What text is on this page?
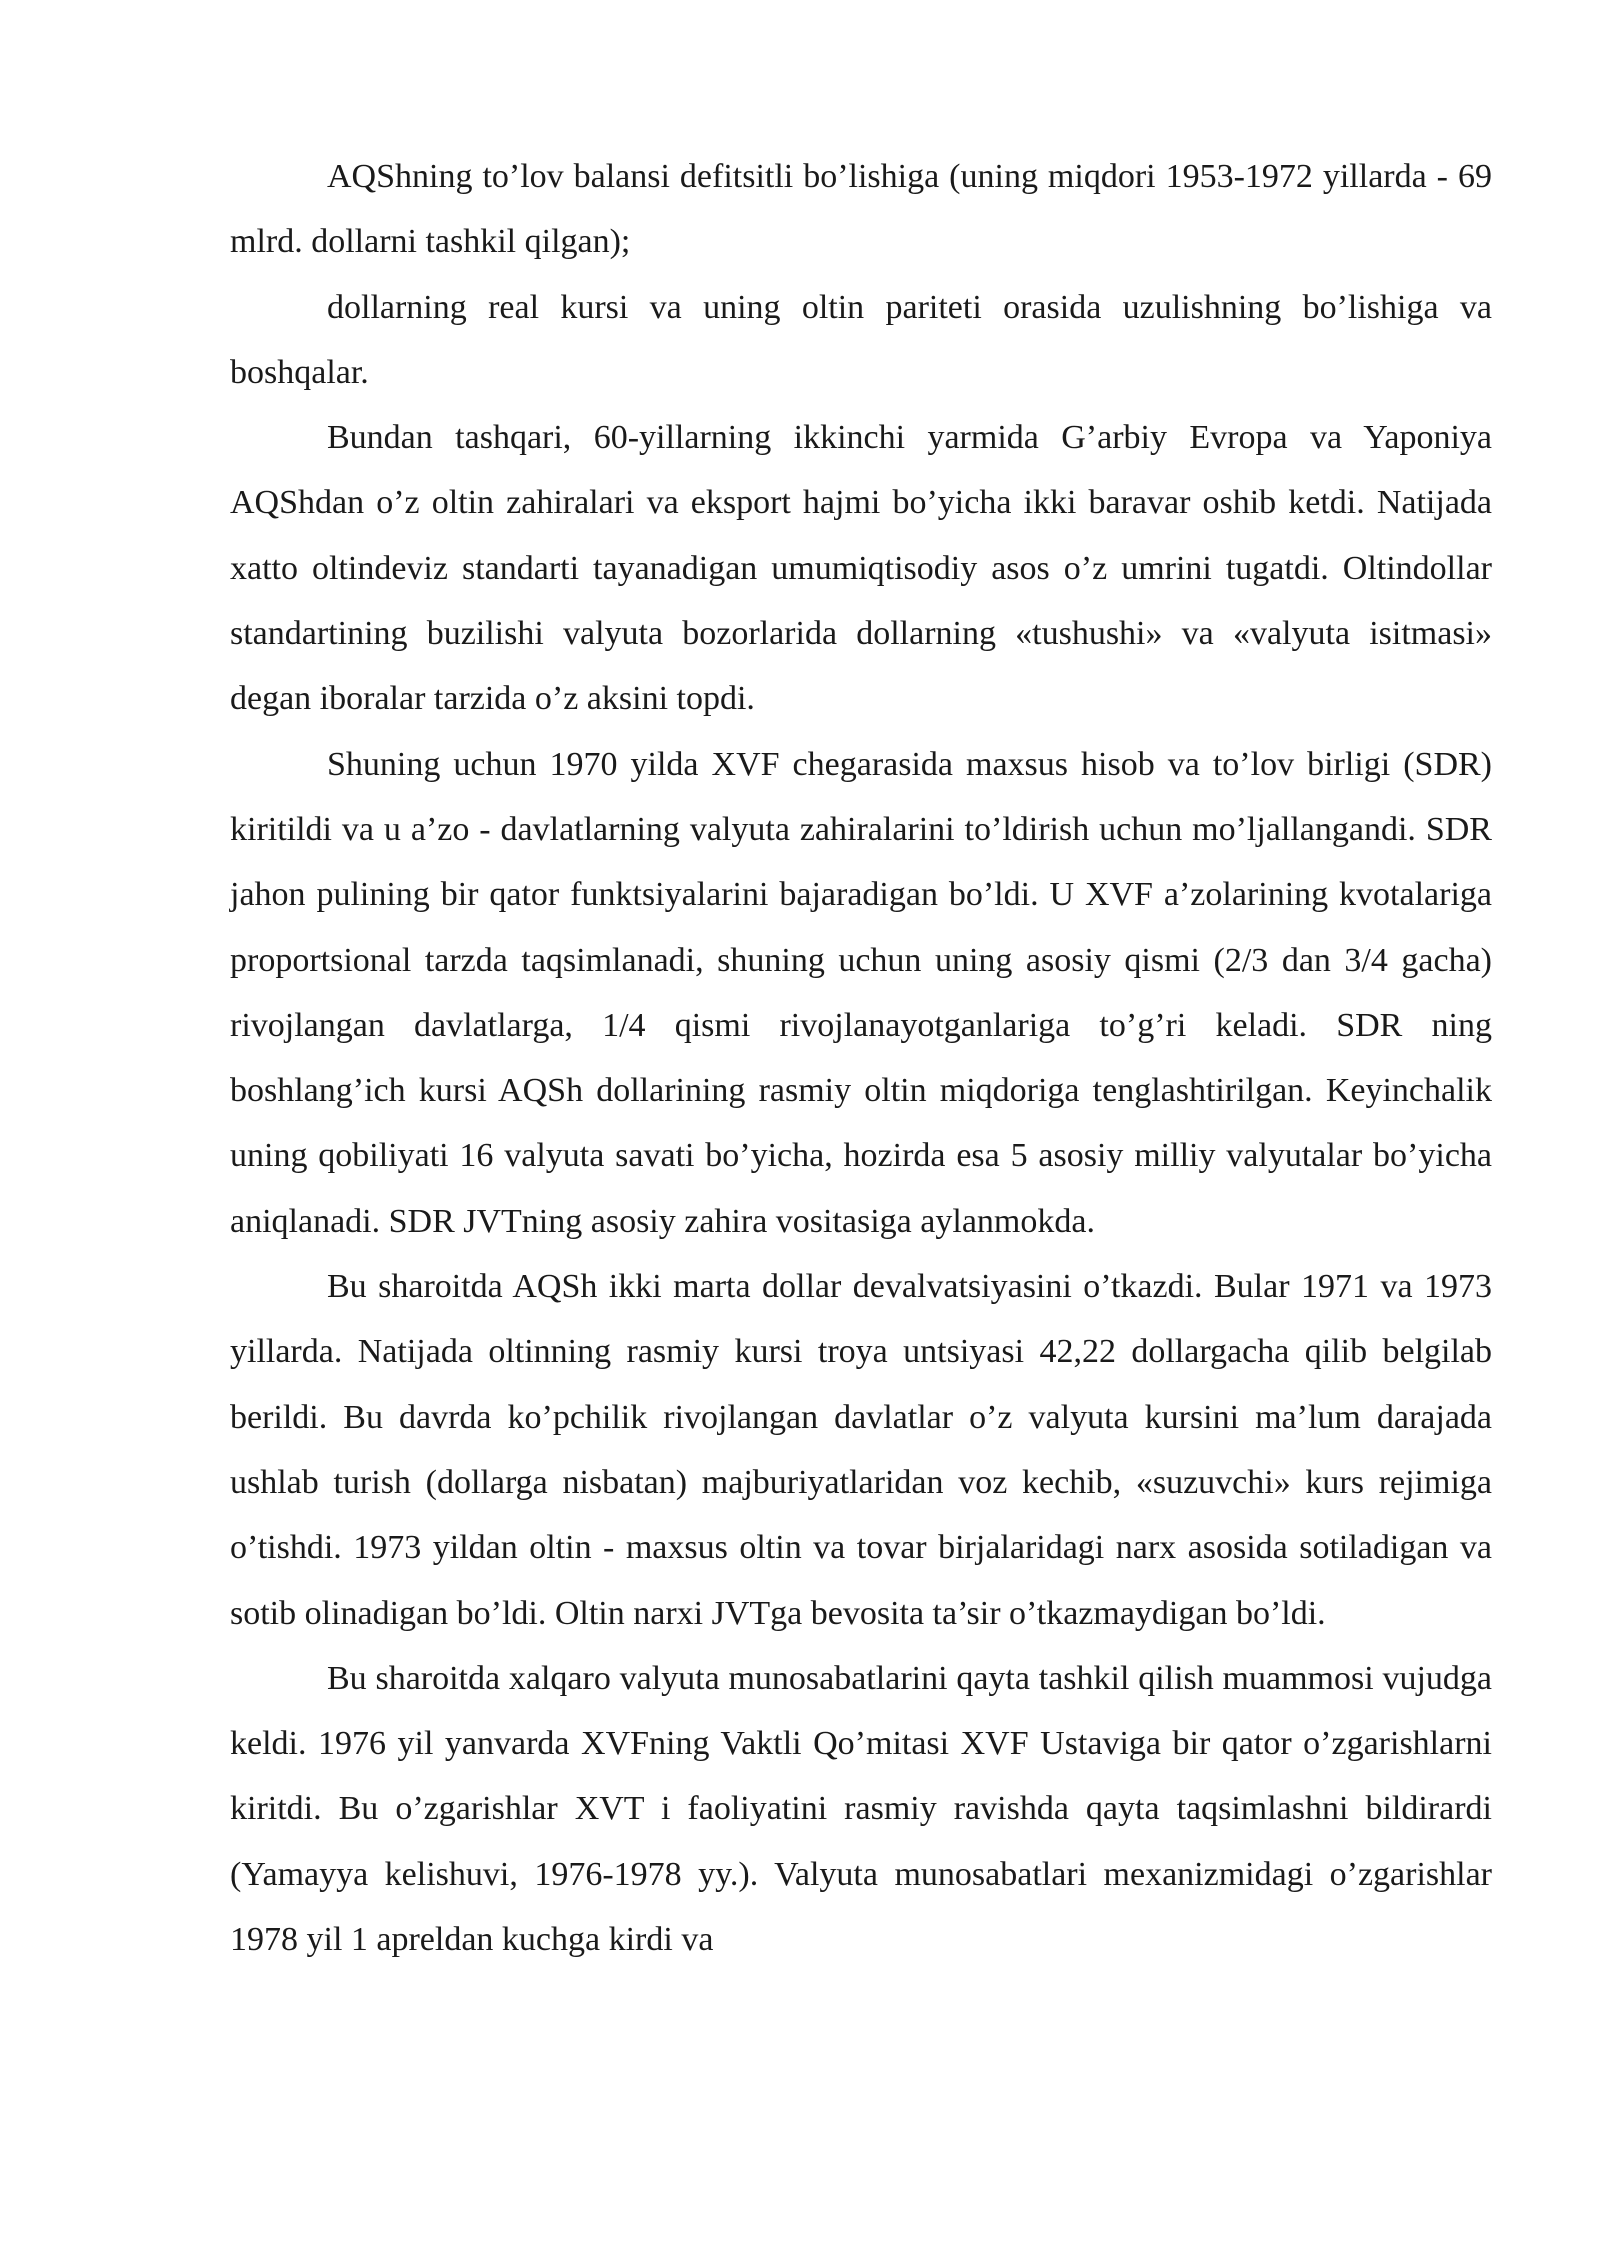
AQShning to’lov balansi defitsitli bo’lishiga (uning miqdori 1953-1972 yillarda - 69 mlrd. dollarni tashkil qilgan);

dollarning real kursi va uning oltin pariteti orasida uzulishning bo’lishiga va boshqalar.

Bundan tashqari, 60-yillarning ikkinchi yarmida G’arbiy Evropa va Yaponiya AQShdan o’z oltin zahiralari va eksport hajmi bo’yicha ikki baravar oshib ketdi. Natijada xatto oltindeviz standarti tayanadigan umumiqtisodiy asos o’z umrini tugatdi. Oltindollar standartining buzilishi valyuta bozorlarida dollarning «tushushi» va «valyuta isitmasi» degan iboralar tarzida o’z aksini topdi.

Shuning uchun 1970 yilda XVF chegarasida maxsus hisob va to’lov birligi (SDR) kiritildi va u a’zo - davlatlarning valyuta zahiralarini to’ldirish uchun mo’ljallangandi. SDR jahon pulining bir qator funktsiyalarini bajaradigan bo’ldi. U XVF a’zolarining kvotalariga proportsional tarzda taqsimlanadi, shuning uchun uning asosiy qismi (2/3 dan 3/4 gacha) rivojlangan davlatlarga, 1/4 qismi rivojlanayotganlariga to’g’ri keladi. SDR ning boshlang’ich kursi AQSh dollarining rasmiy oltin miqdoriga tenglashtirilgan. Keyinchalik uning qobiliyati 16 valyuta savati bo’yicha, hozirda esa 5 asosiy milliy valyutalar bo’yicha aniqlanadi. SDR JVTning asosiy zahira vositasiga aylanmokda.

Bu sharoitda AQSh ikki marta dollar devalvatsiyasini o’tkazdi. Bular 1971 va 1973 yillarda. Natijada oltinning rasmiy kursi troya untsiyasi 42,22 dollargacha qilib belgilab berildi. Bu davrda ko’pchilik rivojlangan davlatlar o’z valyuta kursini ma’lum darajada ushlab turish (dollarga nisbatan) majburiyatlaridan voz kechib, «suzuvchi» kurs rejimiga o’tishdi. 1973 yildan oltin - maxsus oltin va tovar birjalaridagi narx asosida sotiladigan va sotib olinadigan bo’ldi. Oltin narxi JVTga bevosita ta’sir o’tkazmaydigan bo’ldi.

Bu sharoitda xalqaro valyuta munosabatlarini qayta tashkil qilish muammosi vujudga keldi. 1976 yil yanvarda XVFning Vaktli Qo’mitasi XVF Ustaviga bir qator o’zgarishlarni kiritdi. Bu o’zgarishlar XVT i faoliyatini rasmiy ravishda qayta taqsimlashni bildirardi (Yamayya kelishuvi, 1976-1978 yy.). Valyuta munosabatlari mexanizmidagi o’zgarishlar 1978 yil 1 apreldan kuchga kirdi va
